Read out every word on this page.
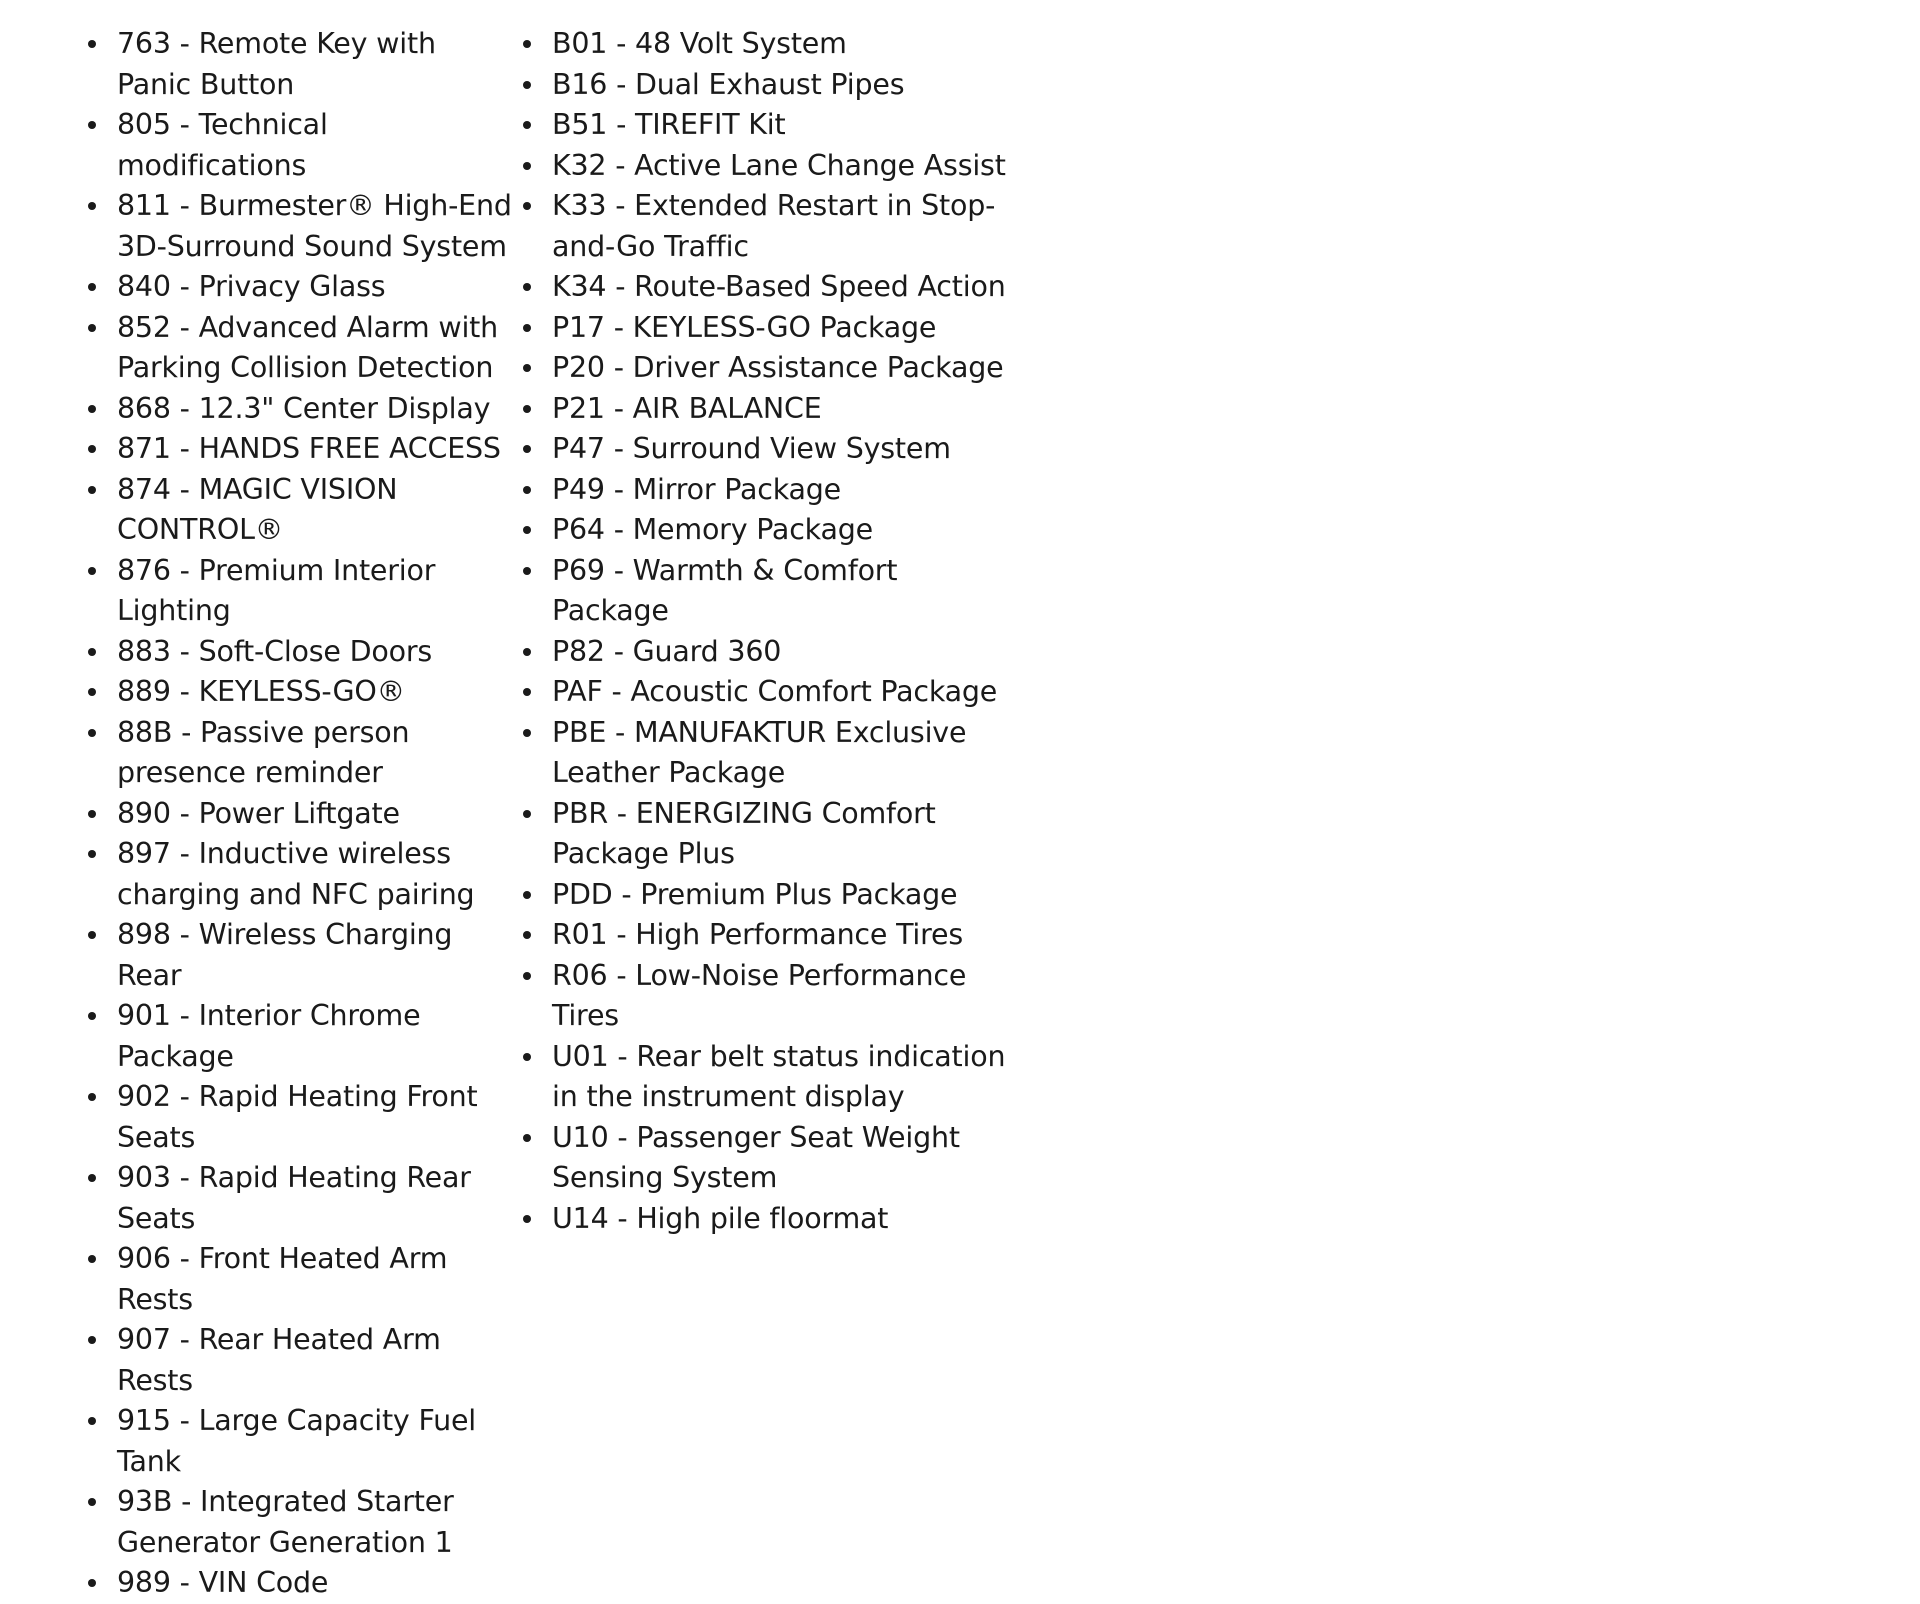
763 - Remote Key with Panic Button
805 - Technical modifications
811 - Burmester® High-End 3D-Surround Sound System
840 - Privacy Glass
852 - Advanced Alarm with Parking Collision Detection
868 - 12.3" Center Display
871 - HANDS FREE ACCESS
874 - MAGIC VISION CONTROL®
876 - Premium Interior Lighting
883 - Soft-Close Doors
889 - KEYLESS-GO®
88B - Passive person presence reminder
890 - Power Liftgate
897 - Inductive wireless charging and NFC pairing
898 - Wireless Charging Rear
901 - Interior Chrome Package
902 - Rapid Heating Front Seats
903 - Rapid Heating Rear Seats
906 - Front Heated Arm Rests
907 - Rear Heated Arm Rests
915 - Large Capacity Fuel Tank
93B - Integrated Starter Generator Generation 1
989 - VIN Code
B01 - 48 Volt System
B16 - Dual Exhaust Pipes
B51 - TIREFIT Kit
K32 - Active Lane Change Assist
K33 - Extended Restart in Stop-and-Go Traffic
K34 - Route-Based Speed Action
P17 - KEYLESS-GO Package
P20 - Driver Assistance Package
P21 - AIR BALANCE
P47 - Surround View System
P49 - Mirror Package
P64 - Memory Package
P69 - Warmth & Comfort Package
P82 - Guard 360
PAF - Acoustic Comfort Package
PBE - MANUFAKTUR Exclusive Leather Package
PBR - ENERGIZING Comfort Package Plus
PDD - Premium Plus Package
R01 - High Performance Tires
R06 - Low-Noise Performance Tires
U01 - Rear belt status indication in the instrument display
U10 - Passenger Seat Weight Sensing System
U14 - High pile floormat
